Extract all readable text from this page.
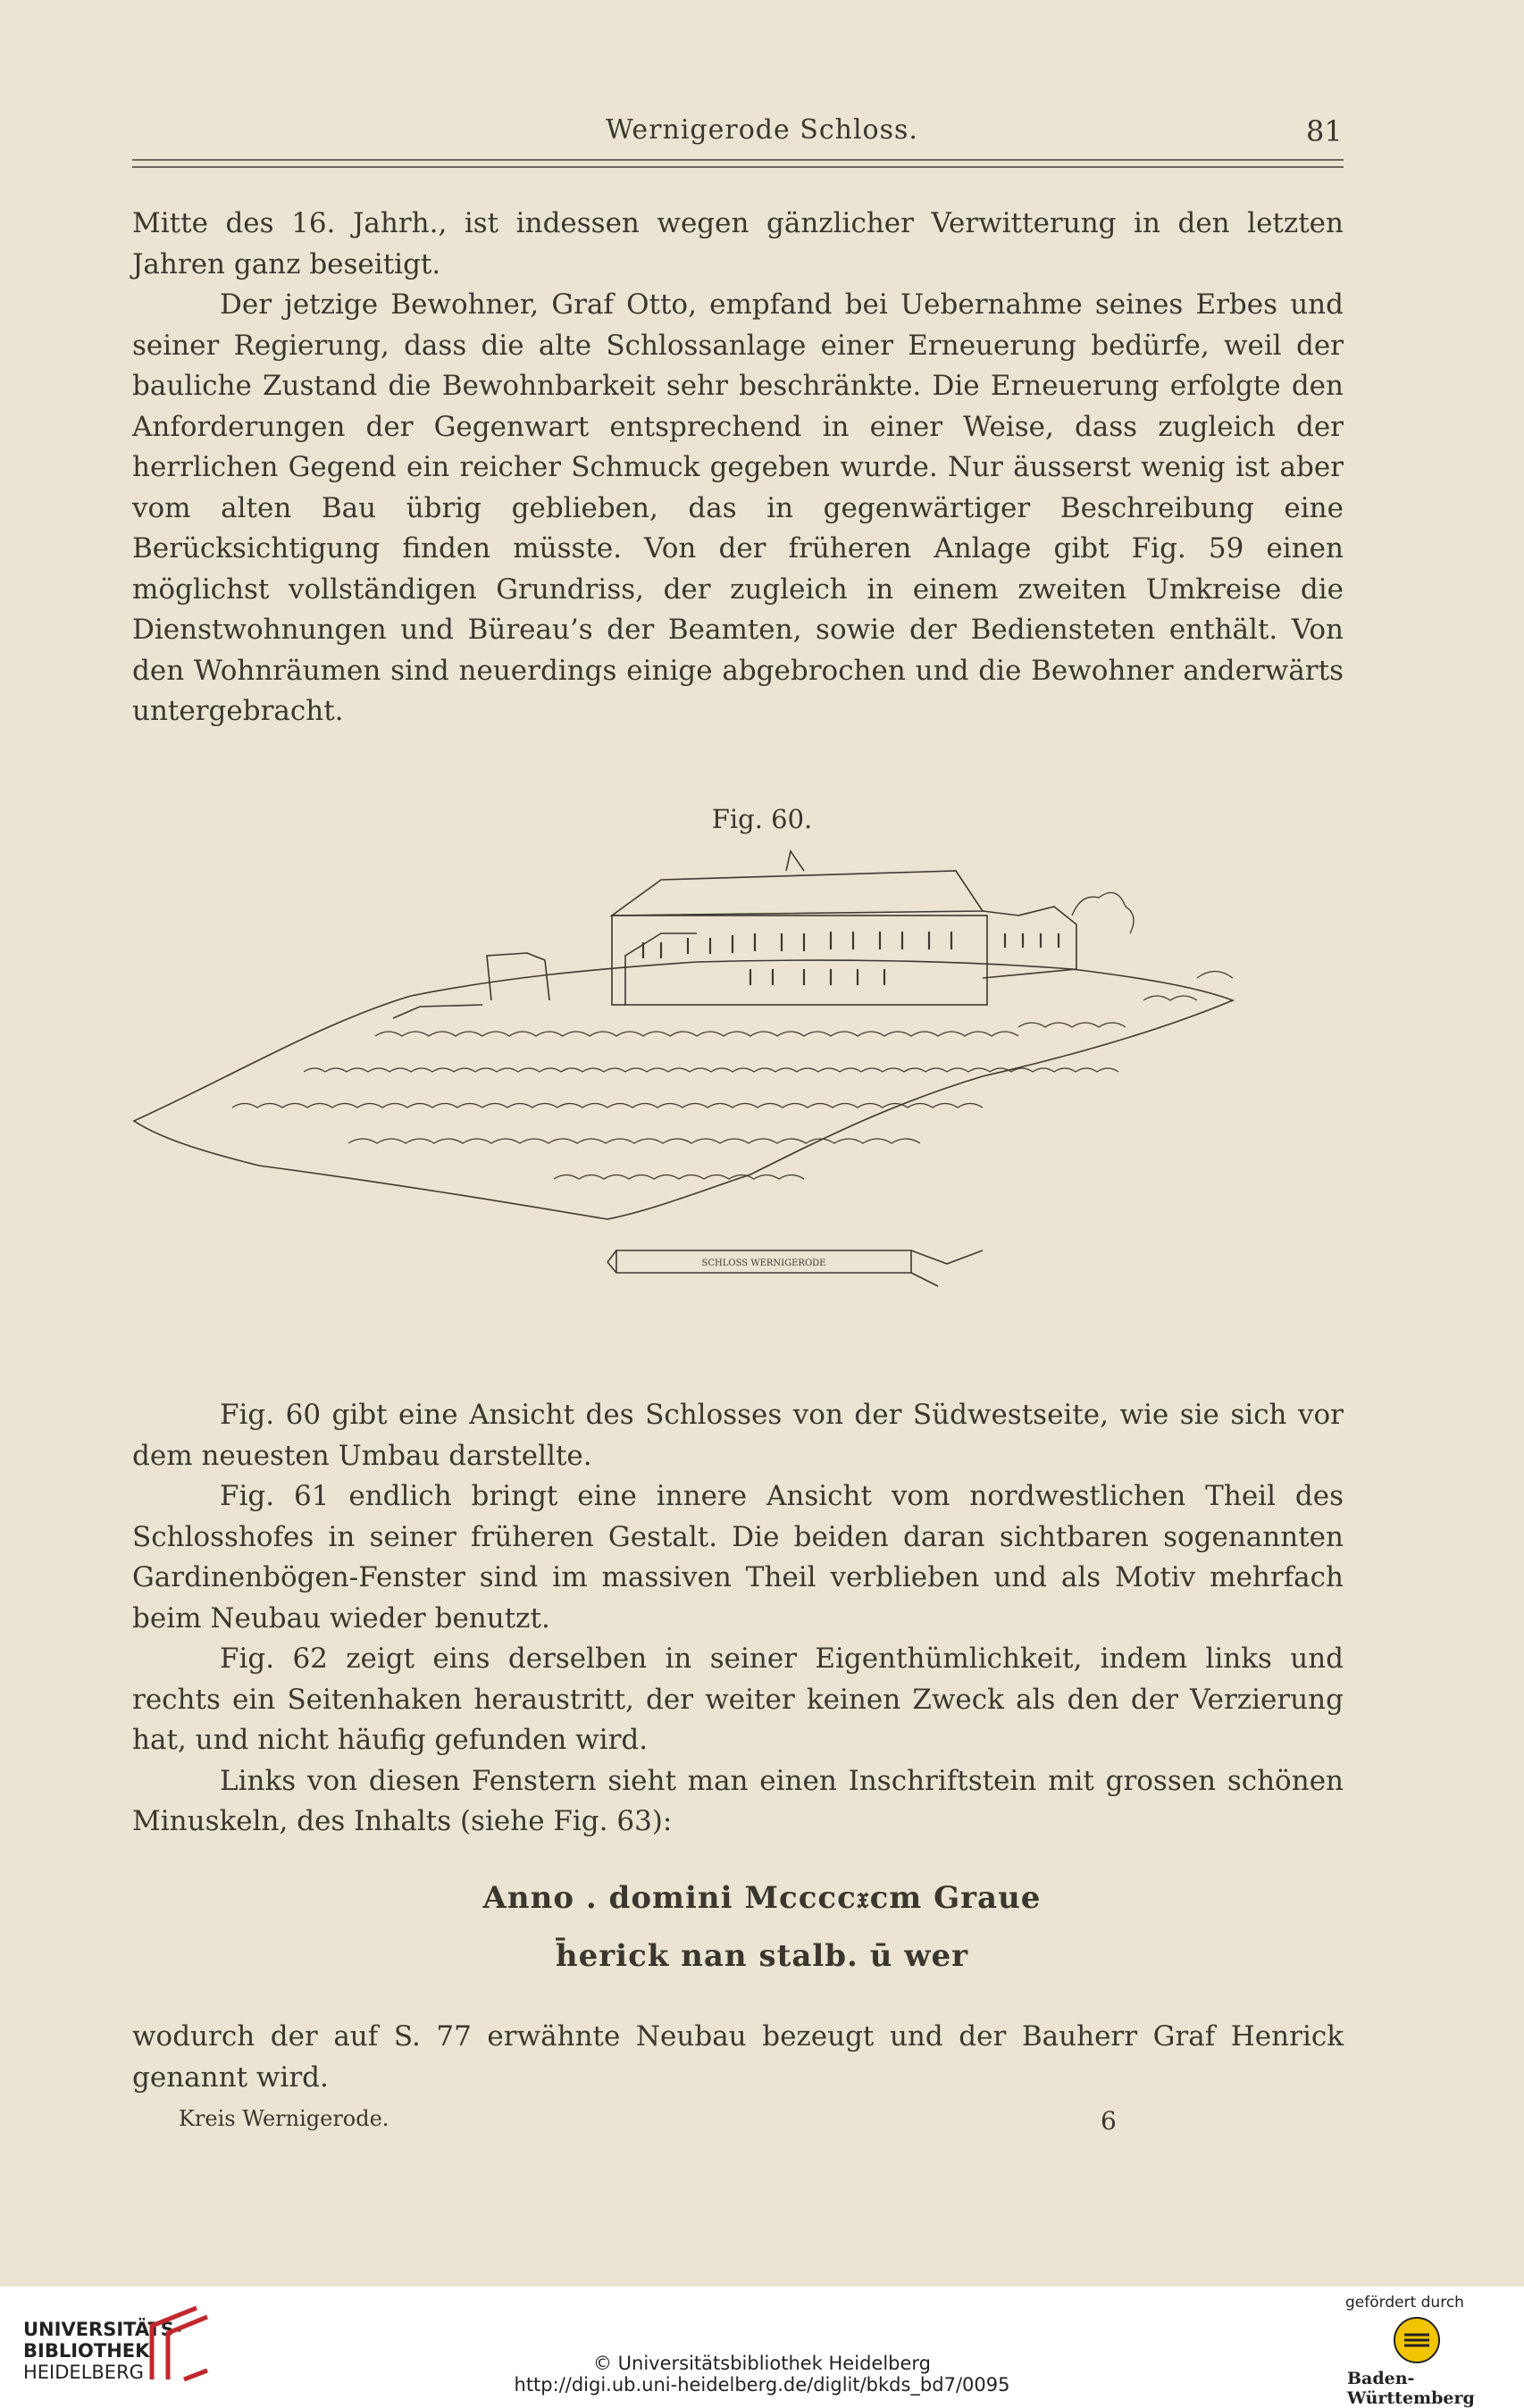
Wernigerode Schloss.	81

Mitte des 16. Jahrh., ist indessen wegen gänzlicher Verwitterung in den letzten Jahren ganz beseitigt.

Der jetzige Bewohner, Graf Otto, empfand bei Uebernahme seines Erbes und seiner Regierung, dass die alte Schlossanlage einer Erneuerung bedürfe, weil der bauliche Zustand die Bewohnbarkeit sehr beschränkte. Die Erneuerung erfolgte den Anforderungen der Gegenwart entsprechend in einer Weise, dass zugleich der herrlichen Gegend ein reicher Schmuck gegeben wurde. Nur äusserst wenig ist aber vom alten Bau übrig geblieben, das in gegenwärtiger Beschreibung eine Berücksichtigung finden müsste. Von der früheren Anlage gibt Fig. 59 einen möglichst vollständigen Grundriss, der zugleich in einem zweiten Umkreise die Dienstwohnungen und Büreau’s der Beamten, sowie der Bediensteten enthält. Von den Wohnräumen sind neuerdings einige abgebrochen und die Bewohner anderwärts untergebracht.

Fig. 60.
SCHLOSS WERNIGERODE

Fig. 60 gibt eine Ansicht des Schlosses von der Südwestseite, wie sie sich vor dem neuesten Umbau darstellte.

Fig. 61 endlich bringt eine innere Ansicht vom nordwestlichen Theil des Schlosshofes in seiner früheren Gestalt. Die beiden daran sichtbaren sogenannten Gardinenbögen-Fenster sind im massiven Theil verblieben und als Motiv mehrfach beim Neubau wieder benutzt.

Fig. 62 zeigt eins derselben in seiner Eigenthümlichkeit, indem links und rechts ein Seitenhaken heraustritt, der weiter keinen Zweck als den der Verzierung hat, und nicht häufig gefunden wird.

Links von diesen Fenstern sieht man einen Inschriftstein mit grossen schönen Minuskeln, des Inhalts (siehe Fig. 63):

Anno . domini Mcccc𝔵cm Graue
h̄erick nan stalb. ū wer

wodurch der auf S. 77 erwähnte Neubau bezeugt und der Bauherr Graf Henrick genannt wird.

Kreis Wernigerode.	6
UNIVERSITÄTS-
BIBLIOTHEK
HEIDELBERG	© Universitätsbibliothek Heidelberg
http://digi.ub.uni-heidelberg.de/diglit/bkds_bd7/0095
gefördert durch
Baden-Württemberg
